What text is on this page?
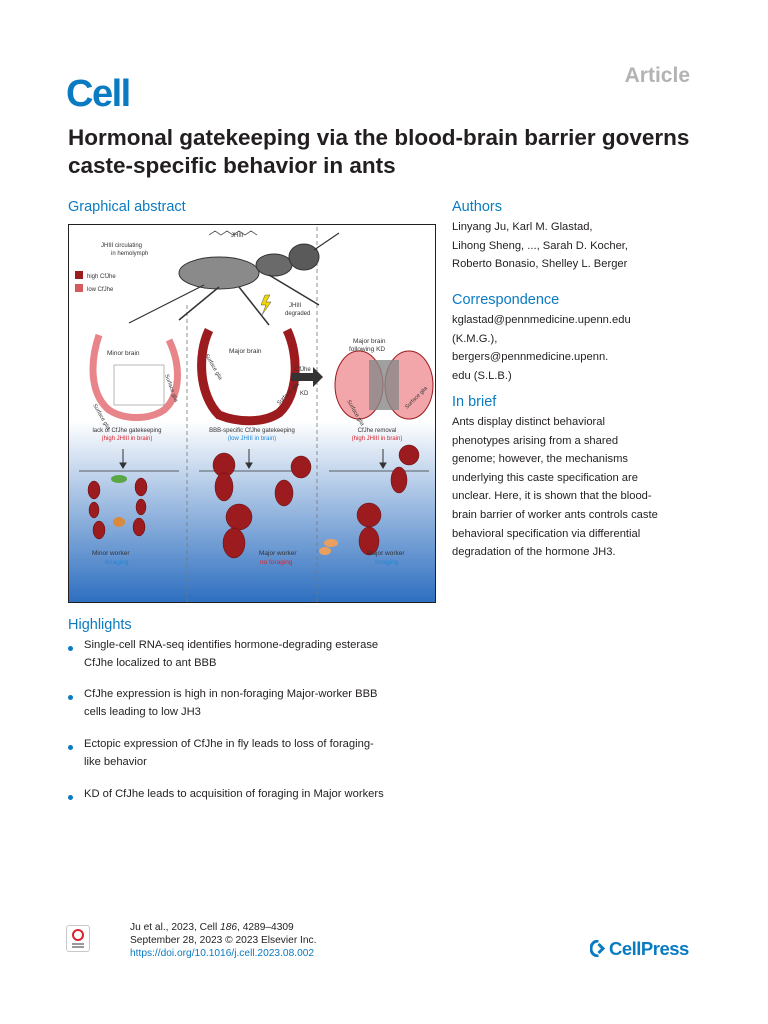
Cell	Article
Hormonal gatekeeping via the blood-brain barrier governs caste-specific behavior in ants
Graphical abstract
JHIII
JHIII circulating
in hemolymph
high CfJhe
low CfJhe
JHIII
degraded
Minor brain	Major brain
CfJhe
KD
Major brain
following KD
Surface glia
Surface glia
Surface glia
Surface glia
Surface glia
Surface glia
lack of CfJhe gatekeeping
(high JHIII in brain)
BBB-specific CfJhe gatekeeping
(low JHIII in brain)
CfJhe removal
(high JHIII in brain)
Minor worker
foraging
Major worker
no foraging
Major worker
foraging
Authors
Linyang Ju, Karl M. Glastad,
Lihong Sheng, ..., Sarah D. Kocher,
Roberto Bonasio, Shelley L. Berger
Correspondence
kglastad@pennmedicine.upenn.edu
(K.M.G.),
bergers@pennmedicine.upenn.
edu (S.L.B.)
In brief
Ants display distinct behavioral
phenotypes arising from a shared
genome; however, the mechanisms
underlying this caste specification are
unclear. Here, it is shown that the blood-
brain barrier of worker ants controls caste
behavioral specification via differential
degradation of the hormone JH3.
Highlights
Single-cell RNA-seq identifies hormone-degrading esterase
CfJhe localized to ant BBB
CfJhe expression is high in non-foraging Major-worker BBB
cells leading to low JH3
Ectopic expression of CfJhe in fly leads to loss of foraging-
like behavior
KD of CfJhe leads to acquisition of foraging in Major workers
Ju et al., 2023, Cell 186, 4289–4309
September 28, 2023 © 2023 Elsevier Inc.
https://doi.org/10.1016/j.cell.2023.08.002	CellPress
